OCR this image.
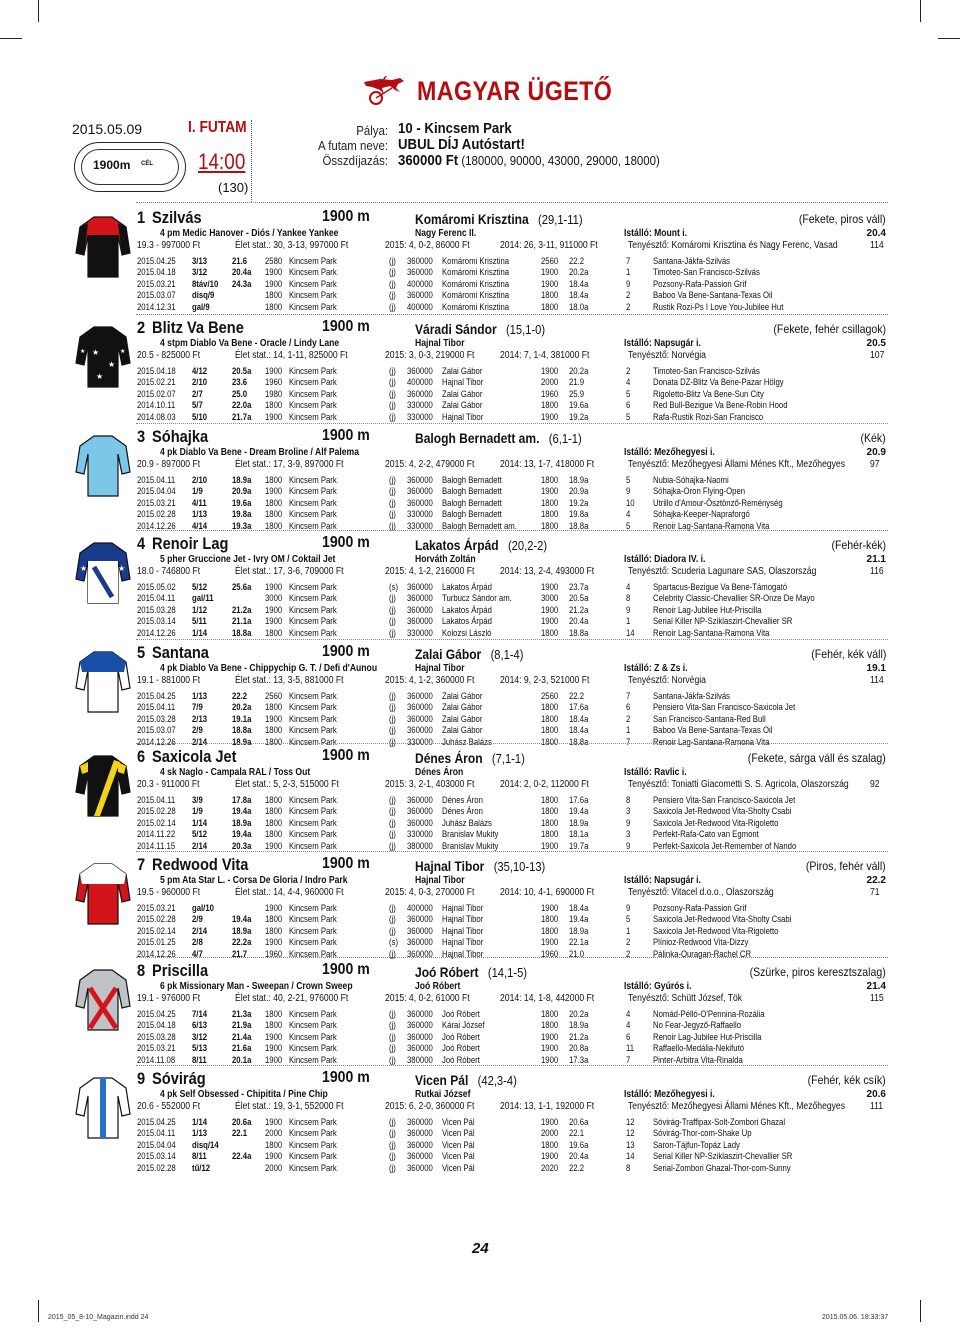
MAGYAR ÜGETŐ
2015.05.09	I. FUTAM
1900m CÉL 14:00
(130)
Pálya:
A futam neve:
Összdíjazás:
10 - Kincsem Park
UBUL DÍJ Autóstart!
360000 Ft (180000, 90000, 43000, 29000, 18000)
1 Szilvás	1900 m	Komáromi Krisztina (29,1-11)	(Fekete, piros váll)
4 pm Medic Hanover - Diós / Yankee Yankee	Nagy Ferenc II.	Istálló: Mount i.	20.4
19.3 - 997000 Ft	Élet stat.: 30, 3-13, 997000 Ft	2015: 4, 0-2, 86000 Ft	2014: 26, 3-11, 911000 Ft	Tenyésztő: Komáromi Krisztina és Nagy Ferenc, Vasad	114
2015.04.25 3/13	21.6 2580 Kincsem Park	(j) 360000 Komáromi Krisztina	2560 22.2	7	Santana-Jákfa-Szilvás
2015.04.18 3/12	20.4a 1900 Kincsem Park	(j) 360000 Komáromi Krisztina	1900 20.2a	1	Timoteo-San Francisco-Szilvás
2015.03.21 8táv/10 24.3a 1900 Kincsem Park	(j) 400000 Komáromi Krisztina	1900 18.4a	9	Pozsony-Rafa-Passion Grif
2015.03.07 disq/9	1800 Kincsem Park	(j) 360000 Komáromi Krisztina	1800 18.4a	2	Baboo Va Bene-Santana-Texas Oil
2014.12.31 gal/9	1800 Kincsem Park	(j) 400000 Komáromi Krisztina	1800 18.0a	2	Rustik Rozi-Ps I Love You-Jubilee Hut
★
★
★
★	★
2 Blitz Va Bene	1900 m	Váradi Sándor (15,1-0)	(Fekete, fehér csillagok)
4 stpm Diablo Va Bene - Oracle / Lindy Lane	Hajnal Tibor	Istálló: Napsugár i.	20.5
20.5 - 825000 Ft	Élet stat.: 14, 1-11, 825000 Ft	2015: 3, 0-3, 219000 Ft	2014: 7, 1-4, 381000 Ft	Tenyésztő: Norvégia	107
2015.04.18 4/12	20.5a 1900 Kincsem Park	(j) 360000 Zalai Gábor	1900 20.2a	2	Timoteo-San Francisco-Szilvás
2015.02.21 2/10	23.6 1960 Kincsem Park	(j) 400000 Hajnal Tibor	2000 21.9	4	Donata DZ-Blitz Va Bene-Pazar Hölgy
2015.02.07 2/7	25.0 1980 Kincsem Park	(j) 360000 Zalai Gábor	1960 25.9	5	Rigoletto-Blitz Va Bene-Sun City
2014.10.11 5/7	22.0a 1800 Kincsem Park	(j) 330000 Zalai Gábor	1800 19.6a	6	Red Bull-Bezigue Va Bene-Robin Hood
2014.08.03 5/10	21.7a 1900 Kincsem Park	(j) 330000 Hajnal Tibor	1900 19.2a	5	Rafa-Rustik Rozi-San Francisco
3 Sóhajka	1900 m	Balogh Bernadett am. (6,1-1)	(Kék)
4 pk Diablo Va Bene - Dream Broline / Alf Palema	Istálló: Mezőhegyesi i.	20.9
20.9 - 897000 Ft	Élet stat.: 17, 3-9, 897000 Ft	2015: 4, 2-2, 479000 Ft	2014: 13, 1-7, 418000 Ft	Tenyésztő: Mezőhegyesi Állami Ménes Kft., Mezőhegyes 97
2015.04.11 2/10	18.9a 1800 Kincsem Park	(j) 360000 Balogh Bernadett	1800 18.9a	5	Nubia-Sóhajka-Naomi
2015.04.04 1/9	20.9a 1900 Kincsem Park	(j) 360000 Balogh Bernadett	1900 20.9a	9	Sóhajka-Oron Flying-Open
2015.03.21 4/11	19.6a 1800 Kincsem Park	(j) 360000 Balogh Bernadett	1800 19.2a	10 Utrillo d'Amour-Ösztönző-Reménység
2015.02.28 1/13	19.8a 1800 Kincsem Park	(j) 330000 Balogh Bernadett	1800 19.8a	4	Sóhajka-Keeper-Napraforgó
2014.12.26 4/14	19.3a 1800 Kincsem Park	(j) 330000 Balogh Bernadett am.	1800 18.8a	5	Renoir Lag-Santana-Ramona Vita
★	★
4 Renoir Lag	1900 m	Lakatos Árpád (20,2-2)	(Fehér-kék)
5 pher Gruccione Jet - Ivry OM / Coktail Jet	Horváth Zoltán	Istálló: Diadora IV. i.	21.1
18.0 - 746800 Ft	Élet stat.: 17, 3-6, 709000 Ft	2015: 4, 1-2, 216000 Ft	2014: 13, 2-4, 493000 Ft	Tenyésztő: Scuderia Lagunare SAS, Olaszország	116
2015.05.02 5/12	25.6a 1900 Kincsem Park	(s) 360000 Lakatos Árpád	1900 23.7a	4	Spartacus-Bezigue Va Bene-Támogató
2015.04.11 gal/11	3000 Kincsem Park	(j) 360000 Turbucz Sándor am.	3000 20.5a	8	Celebrity Classic-Chevallier SR-Onze De Mayo
2015.03.28 1/12	21.2a 1900 Kincsem Park	(j) 360000 Lakatos Árpád	1900 21.2a	9	Renoir Lag-Jubilee Hut-Priscilla
2015.03.14 5/11	21.1a 1900 Kincsem Park	(j) 360000 Lakatos Árpád	1900 20.4a	1	Serial Killer NP-Sziklaszirt-Chevallier SR
2014.12.26 1/14	18.8a 1800 Kincsem Park	(j) 330000 Kolozsi László	1800 18.8a	14 Renoir Lag-Santana-Ramona Vita
5 Santana	1900 m	Zalai Gábor (8,1-4)	(Fehér, kék váll)
4 pk Diablo Va Bene - Chippychip G. T. / Defi d'Aunou	Hajnal Tibor	Istálló: Z & Zs i.	19.1
19.1 - 881000 Ft	Élet stat.: 13, 3-5, 881000 Ft	2015: 4, 1-2, 360000 Ft	2014: 9, 2-3, 521000 Ft	Tenyésztő: Norvégia	114
2015.04.25 1/13	22.2 2560 Kincsem Park	(j) 360000 Zalai Gábor	2560 22.2	7	Santana-Jákfa-Szilvás
2015.04.11 7/9	20.2a 1800 Kincsem Park	(j) 360000 Zalai Gábor	1800 17.6a	6	Pensiero Vita-San Francisco-Saxicola Jet
2015.03.28 2/13	19.1a 1900 Kincsem Park	(j) 360000 Zalai Gábor	1800 18.4a	2	San Francisco-Santana-Red Bull
2015.03.07 2/9	18.8a 1800 Kincsem Park	(j) 360000 Zalai Gábor	1800 18.4a	1	Baboo Va Bene-Santana-Texas Oil
2014.12.26 2/14	18.9a 1800 Kincsem Park	(j) 330000 Juhász Balázs	1800 18.8a	7	Renoir Lag-Santana-Ramona Vita
6 Saxicola Jet	1900 m	Dénes Áron (7,1-1)	(Fekete, sárga váll és szalag)
4 sk Naglo - Campala RAL / Toss Out	Dénes Áron	Istálló: Ravlic i.
20.3 - 911000 Ft	Élet stat.: 5, 2-3, 515000 Ft	2015: 3, 2-1, 403000 Ft	2014: 2, 0-2, 112000 Ft	Tenyésztő: Toniatti Giacometti S. S. Agricola, Olaszország 92
2015.04.11 3/9	17.8a 1800 Kincsem Park	(j) 360000 Dénes Áron	1800 17.6a	8	Pensiero Vita-San Francisco-Saxicola Jet
2015.02.28 1/9	19.4a 1800 Kincsem Park	(j) 360000 Dénes Áron	1800 19.4a	3	Saxicola Jet-Redwood Vita-Sholty Csabi
2015.02.14 1/14	18.9a 1800 Kincsem Park	(j) 360000 Juhász Balázs	1800 18.9a	9	Saxicola Jet-Redwood Vita-Rigoletto
2014.11.22 5/12	19.4a 1800 Kincsem Park	(j) 330000 Branislav Mukity	1800 18.1a	3	Perfekt-Rafa-Cato van Egmont
2014.11.15 2/14	20.3a 1900 Kincsem Park	(j) 380000 Branislav Mukity	1900 19.7a	9	Perfekt-Saxicola Jet-Remember of Nando
7 Redwood Vita	1900 m	Hajnal Tibor (35,10-13)	(Piros, fehér váll)
5 pm Ata Star L. - Corsa De Gloria / Indro Park	Hajnal Tibor	Istálló: Napsugár i.	22.2
19.5 - 960000 Ft	Élet stat.: 14, 4-4, 960000 Ft	2015: 4, 0-3, 270000 Ft	2014: 10, 4-1, 690000 Ft	Tenyésztő: Vitacel d.o.o., Olaszország	71
2015.03.21 gal/10	1900 Kincsem Park	(j) 400000 Hajnal Tibor	1900 18.4a	9	Pozsony-Rafa-Passion Grif
2015.02.28 2/9	19.4a 1800 Kincsem Park	(j) 360000 Hajnal Tibor	1800 19.4a	5	Saxicola Jet-Redwood Vita-Sholty Csabi
2015.02.14 2/14	18.9a 1800 Kincsem Park	(j) 360000 Hajnal Tibor	1800 18.9a	1	Saxicola Jet-Redwood Vita-Rigoletto
2015.01.25 2/8	22.2a 1900 Kincsem Park	(s) 360000 Hajnal Tibor	1900 22.1a	2	Plínioz-Redwood Vita-Dizzy
2014.12.26 4/7	21.7 1960 Kincsem Park	(j) 360000 Hajnal Tibor	1960 21.0	2	Pálinka-Ouragan-Rachel CR
8 Priscilla	1900 m	Joó Róbert (14,1-5)	(Szürke, piros keresztszalag)
6 pk Missionary Man - Sweepan / Crown Sweep	Joó Róbert	Istálló: Gyúrós i.	21.4
19.1 - 976000 Ft	Élet stat.: 40, 2-21, 976000 Ft	2015: 4, 0-2, 61000 Ft	2014: 14, 1-8, 442000 Ft	Tenyésztő: Schütt József, Tök	115
2015.04.25 7/14	21.3a 1800 Kincsem Park	(j) 360000 Joó Róbert	1800 20.2a	4	Nomád-Pélló-O'Pennina-Rozália
2015.04.18 6/13	21.9a 1800 Kincsem Park	(j) 360000 Kárai József	1800 18.9a	4	No Fear-Jegyző-Raffaello
2015.03.28 3/12	21.4a 1900 Kincsem Park	(j) 360000 Joó Róbert	1900 21.2a	6	Renoir Lag-Jubilee Hut-Priscilla
2015.03.21 5/13	21.6a 1900 Kincsem Park	(j) 360000 Joó Róbert	1900 20.8a	11 Raffaello-Medália-Nekifutó
2014.11.08 8/11	20.1a 1900 Kincsem Park	(j) 380000 Joó Róbert	1900 17.3a	7	Pinter-Arbitra Vita-Rinalda
9 Sóvirág	1900 m	Vicen Pál (42,3-4)	(Fehér, kék csík)
4 pk Self Obsessed - Chipitita / Pine Chip	Rutkai József	Istálló: Mezőhegyesi i.	20.6
20.6 - 552000 Ft	Élet stat.: 19, 3-1, 552000 Ft	2015: 6, 2-0, 360000 Ft	2014: 13, 1-1, 192000 Ft	Tenyésztő: Mezőhegyesi Állami Ménes Kft., Mezőhegyes 111
2015.04.25 1/14	20.6a 1900 Kincsem Park	(j) 360000 Vicen Pál	1900 20.6a	12 Sóvirág-Traffipax-Solt-Zombori Ghazal
2015.04.11 1/13	22.1 2000 Kincsem Park	(j) 360000 Vicen Pál	2000 22.1	12 Sóvirág-Thor-com-Shake Up
2015.04.04 disq/14	1800 Kincsem Park	(j) 360000 Vicen Pál	1800 19.6a	13 Saron-Tájfun-Topáz Lady
2015.03.14 8/11	22.4a 1900 Kincsem Park	(j) 360000 Vicen Pál	1900 20.4a	14 Serial Killer NP-Sziklaszirt-Chevallier SR
2015.02.28 tű/12	2000 Kincsem Park	(j) 360000 Vicen Pál	2020 22.2	8	Serial-Zombori Ghazal-Thor-com-Sunny
24
2015_05_8-10_Magazin.indd 24	2015.05.06. 18:33:37
